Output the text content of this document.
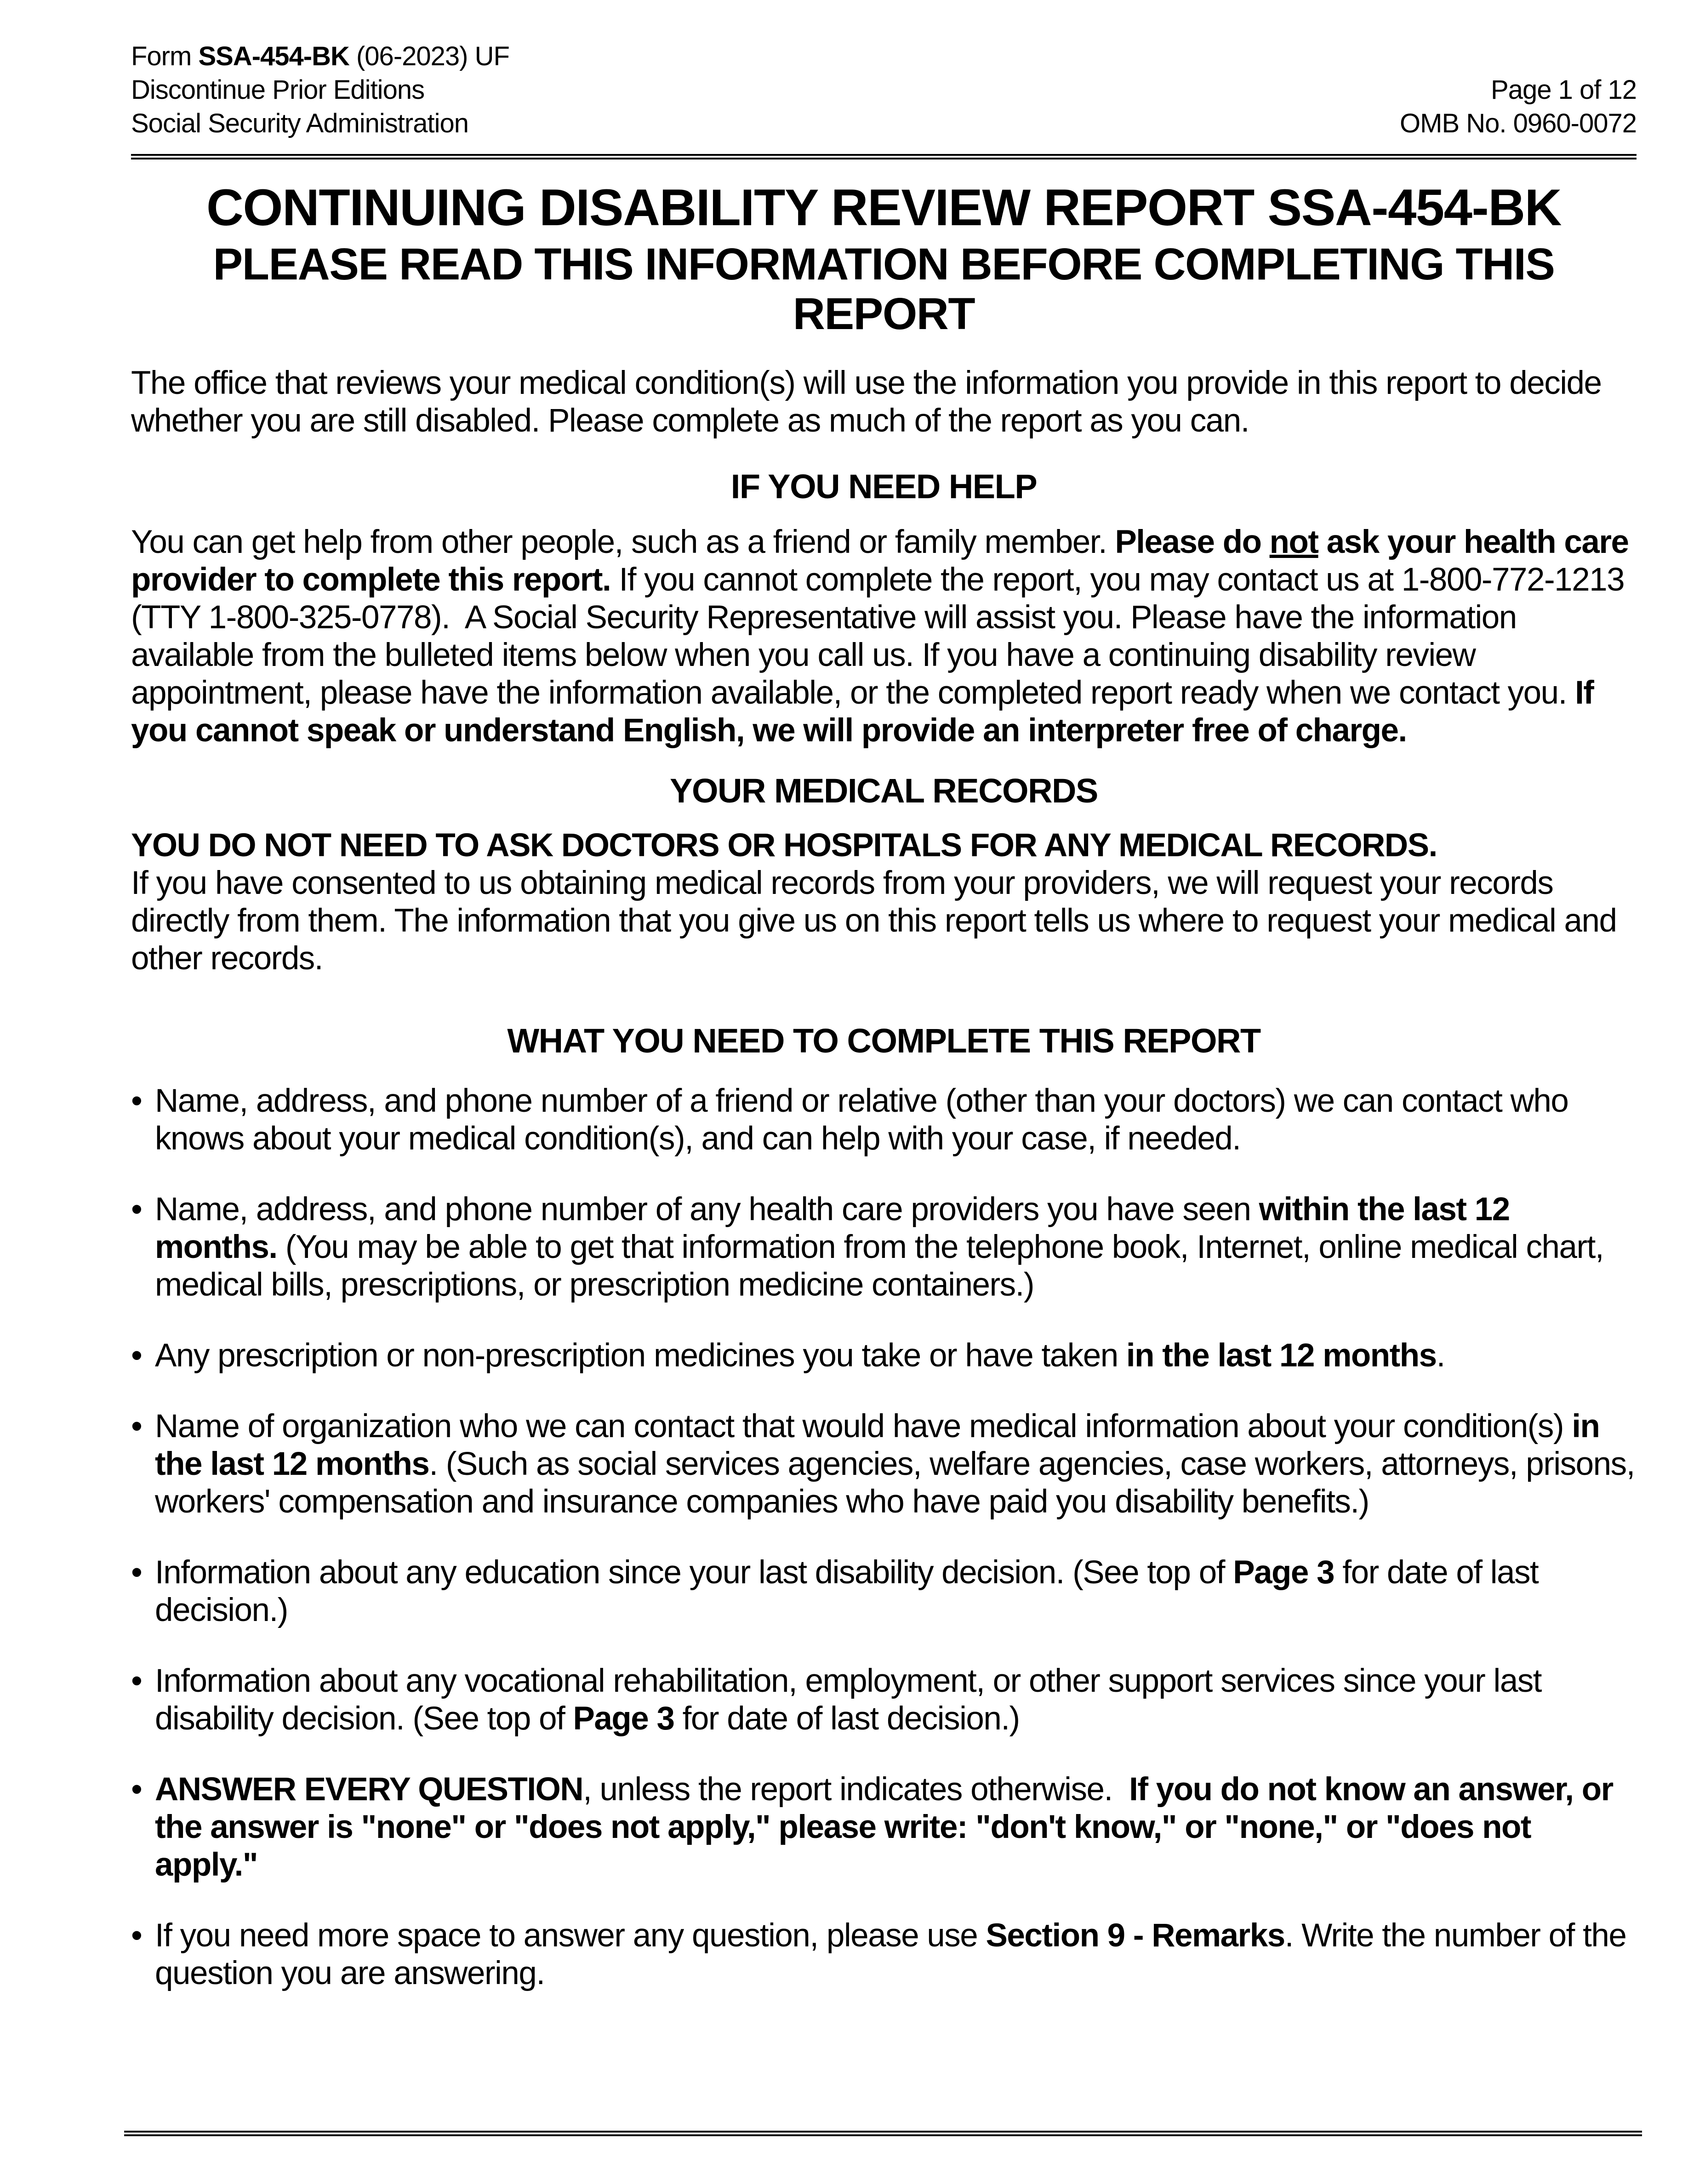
Form SSA-454-BK (06-2023) UF
Discontinue Prior Editions	Page 1 of 12
Social Security Administration	OMB No. 0960-0072
CONTINUING DISABILITY REVIEW REPORT SSA-454-BK
PLEASE READ THIS INFORMATION BEFORE COMPLETING THIS REPORT

The office that reviews your medical condition(s) will use the information you provide in this report to decide whether you are still disabled. Please complete as much of the report as you can.

IF YOU NEED HELP

You can get help from other people, such as a friend or family member. Please do not ask your health care provider to complete this report. If you cannot complete the report, you may contact us at 1-800-772-1213 (TTY 1-800-325-0778).  A Social Security Representative will assist you. Please have the information available from the bulleted items below when you call us. If you have a continuing disability review appointment, please have the information available, or the completed report ready when we contact you. If you cannot speak or understand English, we will provide an interpreter free of charge.

YOUR MEDICAL RECORDS

YOU DO NOT NEED TO ASK DOCTORS OR HOSPITALS FOR ANY MEDICAL RECORDS.

If you have consented to us obtaining medical records from your providers, we will request your records directly from them. The information that you give us on this report tells us where to request your medical and other records.

WHAT YOU NEED TO COMPLETE THIS REPORT
• Name, address, and phone number of a friend or relative (other than your doctors) we can contact who knows about your medical condition(s), and can help with your case, if needed.
• Name, address, and phone number of any health care providers you have seen within the last 12 months. (You may be able to get that information from the telephone book, Internet, online medical chart, medical bills, prescriptions, or prescription medicine containers.)
• Any prescription or non-prescription medicines you take or have taken in the last 12 months.
• Name of organization who we can contact that would have medical information about your condition(s) in the last 12 months. (Such as social services agencies, welfare agencies, case workers, attorneys, prisons, workers' compensation and insurance companies who have paid you disability benefits.)
• Information about any education since your last disability decision. (See top of Page 3 for date of last decision.)
• Information about any vocational rehabilitation, employment, or other support services since your last disability decision. (See top of Page 3 for date of last decision.)
• ANSWER EVERY QUESTION, unless the report indicates otherwise.  If you do not know an answer, or the answer is "none" or "does not apply," please write: "don't know," or "none," or "does not apply."
• If you need more space to answer any question, please use Section 9 - Remarks. Write the number of the question you are answering.
